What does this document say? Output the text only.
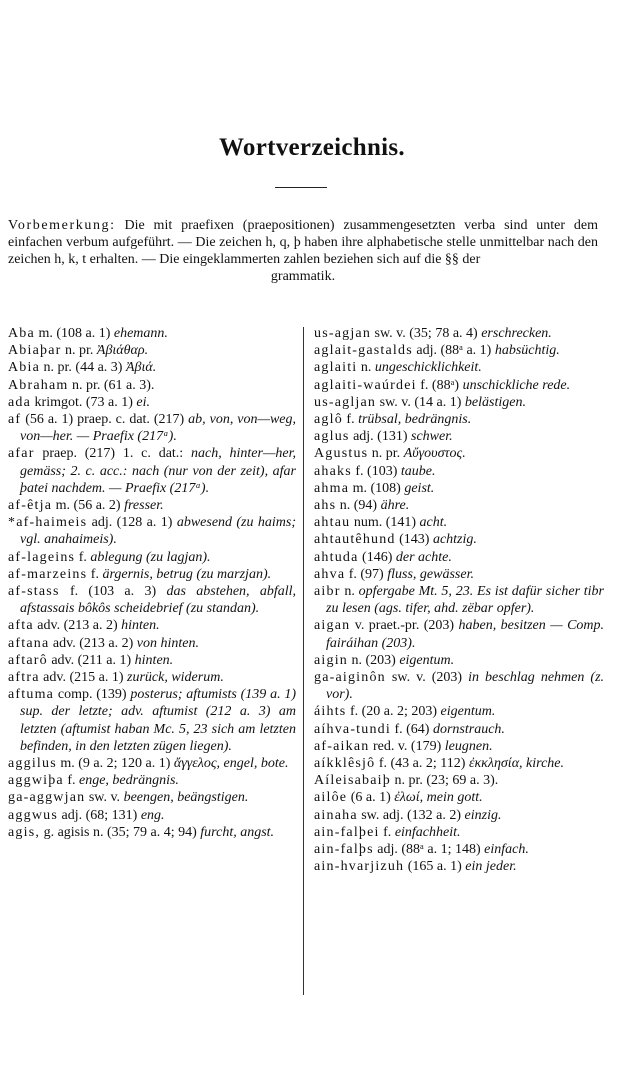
Wortverzeichnis.

Vorbemerkung: Die mit praefixen (praepositionen) zusammengesetzten verba sind unter dem einfachen verbum aufgeführt. — Die zeichen h, q, þ haben ihre alphabetische stelle unmittelbar nach den zeichen h, k, t erhalten. — Die eingeklammerten zahlen beziehen sich auf die §§ der

grammatik.

Aba m. (108 a. 1) ehemann.

Abiaþar n. pr. Ἀβιάθαρ.

Abia n. pr. (44 a. 3) Ἀβιά.

Abraham n. pr. (61 a. 3).

ada krimgot. (73 a. 1) ei.

af (56 a. 1) praep. c. dat. (217) ab, von, von—weg, von—her. — Praefix (217ᵃ).

afar praep. (217) 1. c. dat.: nach, hinter—her, gemäss; 2. c. acc.: nach (nur von der zeit), afar þatei nachdem. — Praefix (217ᵃ).

af-êtja m. (56 a. 2) fresser.

*af-haimeis adj. (128 a. 1) abwesend (zu haims; vgl. anahaimeis).

af-lageins f. ablegung (zu lagjan).

af-marzeins f. ärgernis, betrug (zu marzjan).

af-stass f. (103 a. 3) das abstehen, abfall, afstassais bôkôs scheidebrief (zu standan).

afta adv. (213 a. 2) hinten.

aftana adv. (213 a. 2) von hinten.

aftarô adv. (211 a. 1) hinten.

aftra adv. (215 a. 1) zurück, widerum.

aftuma comp. (139) posterus; aftumists (139 a. 1) sup. der letzte; adv. aftumist (212 a. 3) am letzten (aftumist haban Mc. 5, 23 sich am letzten befinden, in den letzten zügen liegen).

aggilus m. (9 a. 2; 120 a. 1) ἄγγελος, engel, bote.

aggwiþa f. enge, bedrängnis.

ga-aggwjan sw. v. beengen, beängstigen.

aggwus adj. (68; 131) eng.

agis, g. agisis n. (35; 79 a. 4; 94) furcht, angst.

us-agjan sw. v. (35; 78 a. 4) erschrecken.

aglait-gastalds adj. (88ᵃ a. 1) habsüchtig.

aglaiti n. ungeschicklichkeit.

aglaiti-waúrdei f. (88ᵃ) unschickliche rede.

us-agljan sw. v. (14 a. 1) belästigen.

aglô f. trübsal, bedrängnis.

aglus adj. (131) schwer.

Agustus n. pr. Αὔγουστος.

ahaks f. (103) taube.

ahma m. (108) geist.

ahs n. (94) ähre.

ahtau num. (141) acht.

ahtautêhund (143) achtzig.

ahtuda (146) der achte.

ahva f. (97) fluss, gewässer.

aibr n. opfergabe Mt. 5, 23. Es ist dafür sicher tibr zu lesen (ags. tifer, ahd. zëbar opfer).

aigan v. praet.-pr. (203) haben, besitzen — Comp. fairáihan (203).

aigin n. (203) eigentum.

ga-aiginôn sw. v. (203) in beschlag nehmen (z. vor).

áihts f. (20 a. 2; 203) eigentum.

aíhva-tundi f. (64) dornstrauch.

af-aikan red. v. (179) leugnen.

aíkklêsjô f. (43 a. 2; 112) ἐκκλησία, kirche.

Aíleisabaiþ n. pr. (23; 69 a. 3).

ailôe (6 a. 1) ἐλωί, mein gott.

ainaha sw. adj. (132 a. 2) einzig.

ain-falþei f. einfachheit.

ain-falþs adj. (88ᵃ a. 1; 148) einfach.

ain-hvarjizuh (165 a. 1) ein jeder.
